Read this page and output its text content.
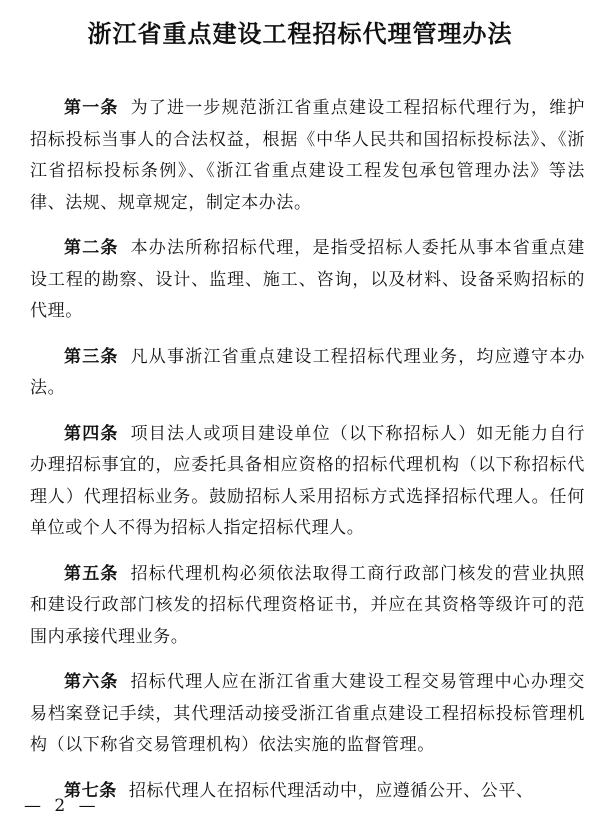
浙江省重点建设工程招标代理管理办法

第一条 为了进一步规范浙江省重点建设工程招标代理行为，维护招标投标当事人的合法权益，根据《中华人民共和国招标投标法》、《浙江省招标投标条例》、《浙江省重点建设工程发包承包管理办法》等法律、法规、规章规定，制定本办法。

第二条 本办法所称招标代理，是指受招标人委托从事本省重点建设工程的勘察、设计、监理、施工、咨询，以及材料、设备采购招标的代理。

第三条 凡从事浙江省重点建设工程招标代理业务，均应遵守本办法。

第四条 项目法人或项目建设单位（以下称招标人）如无能力自行办理招标事宜的，应委托具备相应资格的招标代理机构（以下称招标代理人）代理招标业务。鼓励招标人采用招标方式选择招标代理人。任何单位或个人不得为招标人指定招标代理人。

第五条 招标代理机构必须依法取得工商行政部门核发的营业执照和建设行政部门核发的招标代理资格证书，并应在其资格等级许可的范围内承接代理业务。

第六条 招标代理人应在浙江省重大建设工程交易管理中心办理交易档案登记手续，其代理活动接受浙江省重点建设工程招标投标管理机构（以下称省交易管理机构）依法实施的监督管理。

第七条 招标代理人在招标代理活动中，应遵循公开、公平、

— 2 —
